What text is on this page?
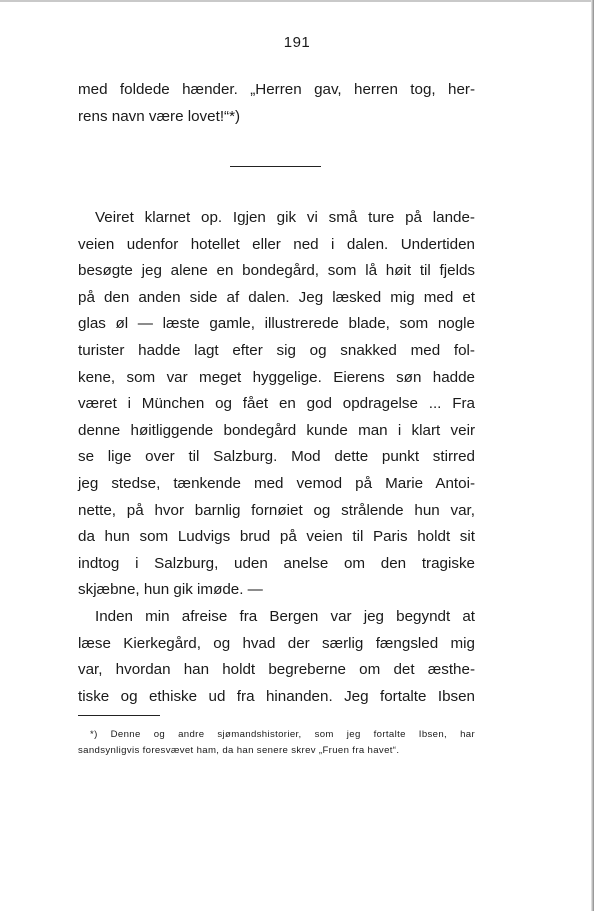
191
med foldede hænder. „Herren gav, herren tog, her-
rens navn være lovet!“*)
Veiret klarnet op. Igjen gik vi små ture på lande-
veien udenfor hotellet eller ned i dalen. Undertiden
besøgte jeg alene en bondegård, som lå høit til fjelds
på den anden side af dalen. Jeg læsked mig med et
glas øl — læste gamle, illustrerede blade, som nogle
turister hadde lagt efter sig og snakked med fol-
kene, som var meget hyggelige. Eierens søn hadde
været i München og fået en god opdragelse ... Fra
denne høitliggende bondegård kunde man i klart veir
se lige over til Salzburg. Mod dette punkt stirred
jeg stedse, tænkende med vemod på Marie Antoi-
nette, på hvor barnlig fornøiet og strålende hun var,
da hun som Ludvigs brud på veien til Paris holdt sit
indtog i Salzburg, uden anelse om den tragiske
skjæbne, hun gik imøde. —
Inden min afreise fra Bergen var jeg begyndt at
læse Kierkegård, og hvad der særlig fængsled mig
var, hvordan han holdt begreberne om det æsthe-
tiske og ethiske ud fra hinanden. Jeg fortalte Ibsen
*) Denne og andre sjømandshistorier, som jeg fortalte Ibsen, har
sandsynligvis foresvævet ham, da han senere skrev „Fruen fra havet“.
